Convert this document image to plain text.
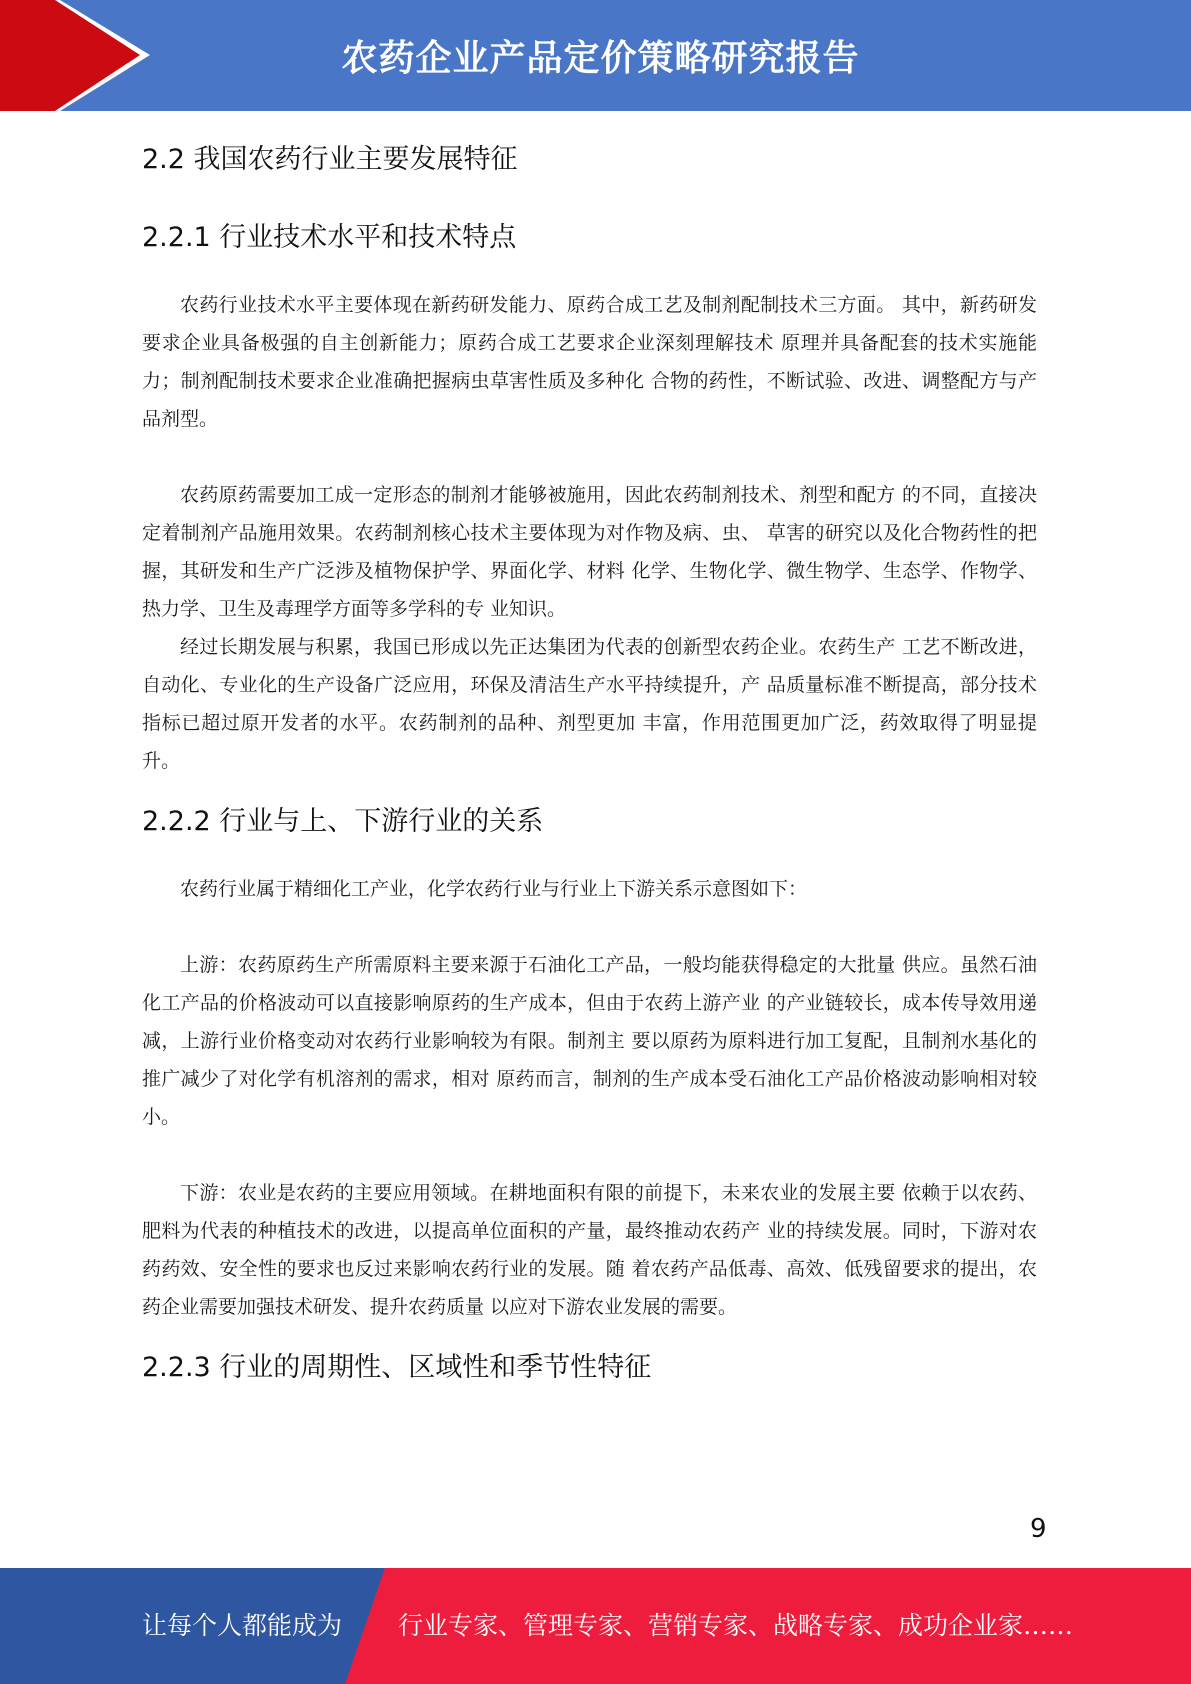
农药企业产品定价策略研究报告
2.2 我国农药行业主要发展特征
2.2.1 行业技术水平和技术特点

农药行业技术水平主要体现在新药研发能力、原药合成工艺及制剂配制技术三方面。 其中，新药研发要求企业具备极强的自主创新能力；原药合成工艺要求企业深刻理解技术 原理并具备配套的技术实施能力；制剂配制技术要求企业准确把握病虫草害性质及多种化 合物的药性，不断试验、改进、调整配方与产品剂型。

农药原药需要加工成一定形态的制剂才能够被施用，因此农药制剂技术、剂型和配方 的不同，直接决定着制剂产品施用效果。农药制剂核心技术主要体现为对作物及病、虫、 草害的研究以及化合物药性的把握，其研发和生产广泛涉及植物保护学、界面化学、材料 化学、生物化学、微生物学、生态学、作物学、热力学、卫生及毒理学方面等多学科的专 业知识。

经过长期发展与积累，我国已形成以先正达集团为代表的创新型农药企业。农药生产 工艺不断改进，自动化、专业化的生产设备广泛应用，环保及清洁生产水平持续提升，产 品质量标准不断提高，部分技术指标已超过原开发者的水平。农药制剂的品种、剂型更加 丰富，作用范围更加广泛，药效取得了明显提升。

2.2.2 行业与上、下游行业的关系

农药行业属于精细化工产业，化学农药行业与行业上下游关系示意图如下：

上游：农药原药生产所需原料主要来源于石油化工产品，一般均能获得稳定的大批量 供应。虽然石油化工产品的价格波动可以直接影响原药的生产成本，但由于农药上游产业 的产业链较长，成本传导效用递减，上游行业价格变动对农药行业影响较为有限。制剂主 要以原药为原料进行加工复配，且制剂水基化的推广减少了对化学有机溶剂的需求，相对 原药而言，制剂的生产成本受石油化工产品价格波动影响相对较小。

下游：农业是农药的主要应用领域。在耕地面积有限的前提下，未来农业的发展主要 依赖于以农药、肥料为代表的种植技术的改进，以提高单位面积的产量，最终推动农药产 业的持续发展。同时，下游对农药药效、安全性的要求也反过来影响农药行业的发展。随 着农药产品低毒、高效、低残留要求的提出，农药企业需要加强技术研发、提升农药质量 以应对下游农业发展的需要。

2.2.3 行业的周期性、区域性和季节性特征
9
让每个人都能成为 行业专家、管理专家、营销专家、战略专家、成功企业家……
